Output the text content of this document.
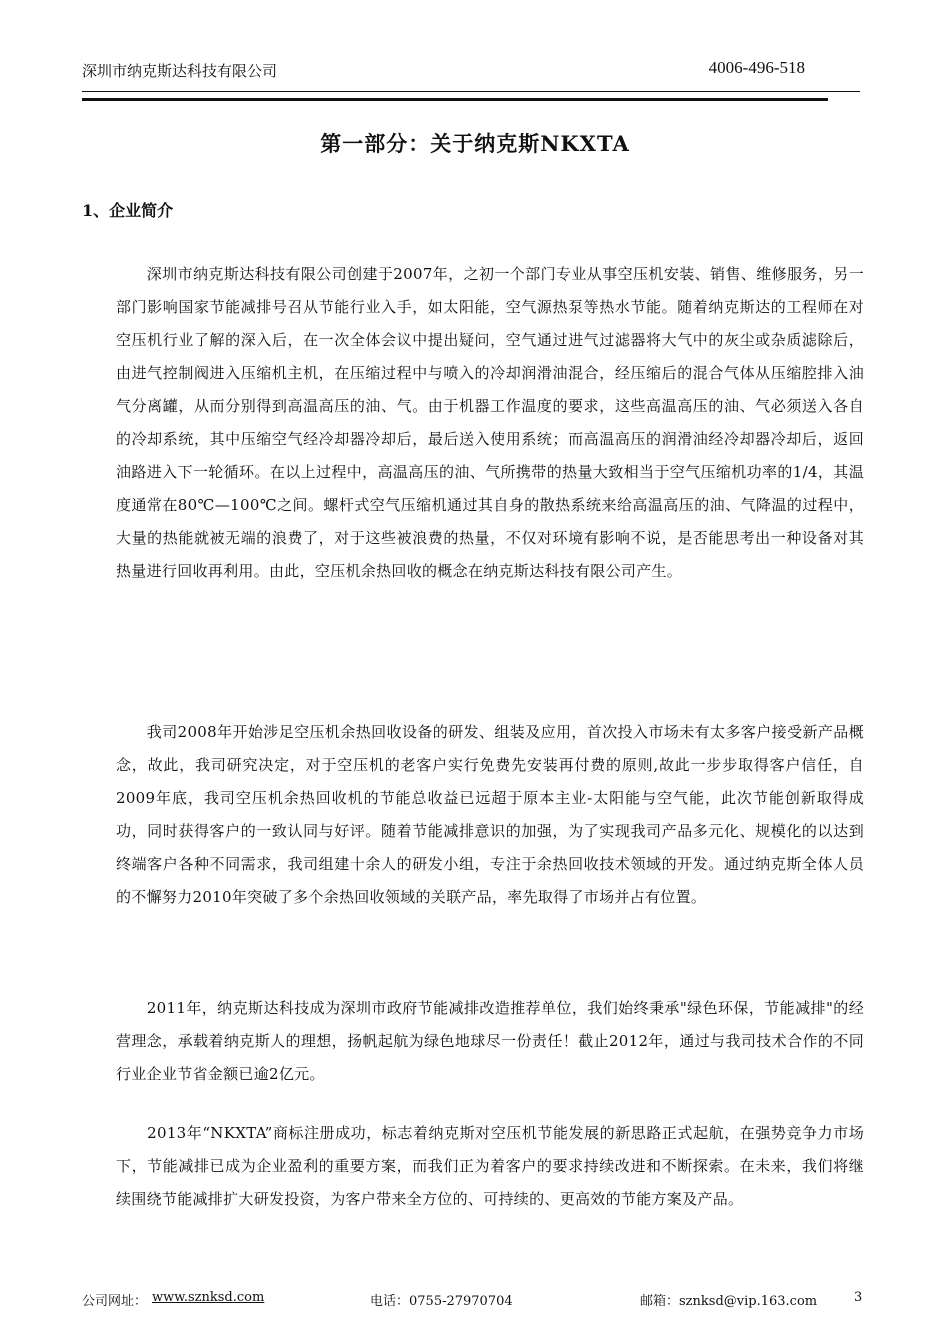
深圳市纳克斯达科技有限公司	4006-496-518
第一部分：关于纳克斯NKXTA
1、企业简介
　　深圳市纳克斯达科技有限公司创建于2007年，之初一个部门专业从事空压机安装、销售、维修服务，另一部门影响国家节能减排号召从节能行业入手，如太阳能，空气源热泵等热水节能。随着纳克斯达的工程师在对空压机行业了解的深入后，在一次全体会议中提出疑问，空气通过进气过滤器将大气中的灰尘或杂质滤除后，由进气控制阀进入压缩机主机，在压缩过程中与喷入的冷却润滑油混合，经压缩后的混合气体从压缩腔排入油气分离罐，从而分别得到高温高压的油、气。由于机器工作温度的要求，这些高温高压的油、气必须送入各自的冷却系统，其中压缩空气经冷却器冷却后，最后送入使用系统；而高温高压的润滑油经冷却器冷却后，返回油路进入下一轮循环。在以上过程中，高温高压的油、气所携带的热量大致相当于空气压缩机功率的1/4，其温度通常在80℃—100℃之间。螺杆式空气压缩机通过其自身的散热系统来给高温高压的油、气降温的过程中，大量的热能就被无端的浪费了，对于这些被浪费的热量，不仅对环境有影响不说，是否能思考出一种设备对其热量进行回收再利用。由此，空压机余热回收的概念在纳克斯达科技有限公司产生。
　　我司2008年开始涉足空压机余热回收设备的研发、组装及应用，首次投入市场未有太多客户接受新产品概念，故此，我司研究决定，对于空压机的老客户实行免费先安装再付费的原则,故此一步步取得客户信任，自2009年底，我司空压机余热回收机的节能总收益已远超于原本主业-太阳能与空气能，此次节能创新取得成功，同时获得客户的一致认同与好评。随着节能减排意识的加强，为了实现我司产品多元化、规模化的以达到终端客户各种不同需求，我司组建十余人的研发小组，专注于余热回收技术领域的开发。通过纳克斯全体人员的不懈努力2010年突破了多个余热回收领域的关联产品，率先取得了市场并占有位置。
　　2011年，纳克斯达科技成为深圳市政府节能减排改造推荐单位，我们始终秉承"绿色环保，节能减排"的经营理念，承载着纳克斯人的理想，扬帆起航为绿色地球尽一份责任！截止2012年，通过与我司技术合作的不同行业企业节省金额已逾2亿元。
　　2013年“NKXTA”商标注册成功，标志着纳克斯对空压机节能发展的新思路正式起航，在强势竞争力市场下，节能减排已成为企业盈利的重要方案，而我们正为着客户的要求持续改进和不断探索。在未来，我们将继续围绕节能减排扩大研发投资，为客户带来全方位的、可持续的、更高效的节能方案及产品。
公司网址： www.sznksd.com	电话：0755-27970704	邮箱：sznksd@vip.163.com	3
